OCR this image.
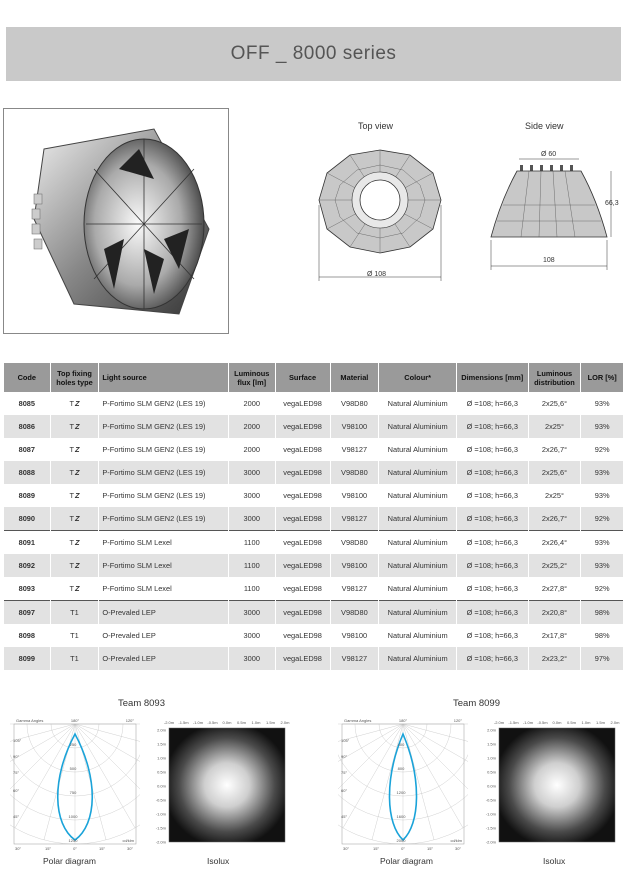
OFF _ 8000 series
Top view
Ø 108
Side view
Ø 60
66,3
108
Code	Top fixing holes type	Light source	Luminous flux [lm]	Surface	Material	Colour*	Dimensions [mm]	Luminous distribution	LOR [%]
8085	TZ	P-Fortimo SLM GEN2 (LES 19)	2000	vegaLED98	V98D80	Natural Aluminium	Ø =108; h=66,3	2x25,6°	93%
8086	TZ	P-Fortimo SLM GEN2 (LES 19)	2000	vegaLED98	V98100	Natural Aluminium	Ø =108; h=66,3	2x25°	93%
8087	TZ	P-Fortimo SLM GEN2 (LES 19)	2000	vegaLED98	V98127	Natural Aluminium	Ø =108; h=66,3	2x26,7°	92%
8088	TZ	P-Fortimo SLM GEN2 (LES 19)	3000	vegaLED98	V98D80	Natural Aluminium	Ø =108; h=66,3	2x25,6°	93%
8089	TZ	P-Fortimo SLM GEN2 (LES 19)	3000	vegaLED98	V98100	Natural Aluminium	Ø =108; h=66,3	2x25°	93%
8090	TZ	P-Fortimo SLM GEN2 (LES 19)	3000	vegaLED98	V98127	Natural Aluminium	Ø =108; h=66,3	2x26,7°	92%
8091	TZ	P-Fortimo SLM Lexel	1100	vegaLED98	V98D80	Natural Aluminium	Ø =108; h=66,3	2x26,4°	93%
8092	TZ	P-Fortimo SLM Lexel	1100	vegaLED98	V98100	Natural Aluminium	Ø =108; h=66,3	2x25,2°	93%
8093	TZ	P-Fortimo SLM Lexel	1100	vegaLED98	V98127	Natural Aluminium	Ø =108; h=66,3	2x27,8°	92%
8097	T1	O-Prevaled LEP	3000	vegaLED98	V98D80	Natural Aluminium	Ø =108; h=66,3	2x20,8°	98%
8098	T1	O-Prevaled LEP	3000	vegaLED98	V98100	Natural Aluminium	Ø =108; h=66,3	2x17,8°	98%
8099	T1	O-Prevaled LEP	3000	vegaLED98	V98127	Natural Aluminium	Ø =108; h=66,3	2x23,2°	97%
Team 8093	Team 8099
Gamma Angles	180°	120°
105°
90°
75°
60°
45°
30°	15°	0°	15°	30°
250
500
750
1000
1250	cd/klm
-2.0m
2.0m
-1.5m
1.5m
-1.0m
1.0m
-0.5m
0.5m
0.0m
0.0m
0.5m
-0.5m
1.0m
-1.0m
1.5m
-1.5m
2.0m
-2.0m
Gamma Angles	180°	120°
105°
90°
75°
60°
45°
30°	15°	0°	15°	30°
400
800
1200
1600
2000	cd/klm
-2.0m
2.0m
-1.5m
1.5m
-1.0m
1.0m
-0.5m
0.5m
0.0m
0.0m
0.5m
-0.5m
1.0m
-1.0m
1.5m
-1.5m
2.0m
-2.0m
Polar diagram	Isolux	Polar diagram	Isolux
